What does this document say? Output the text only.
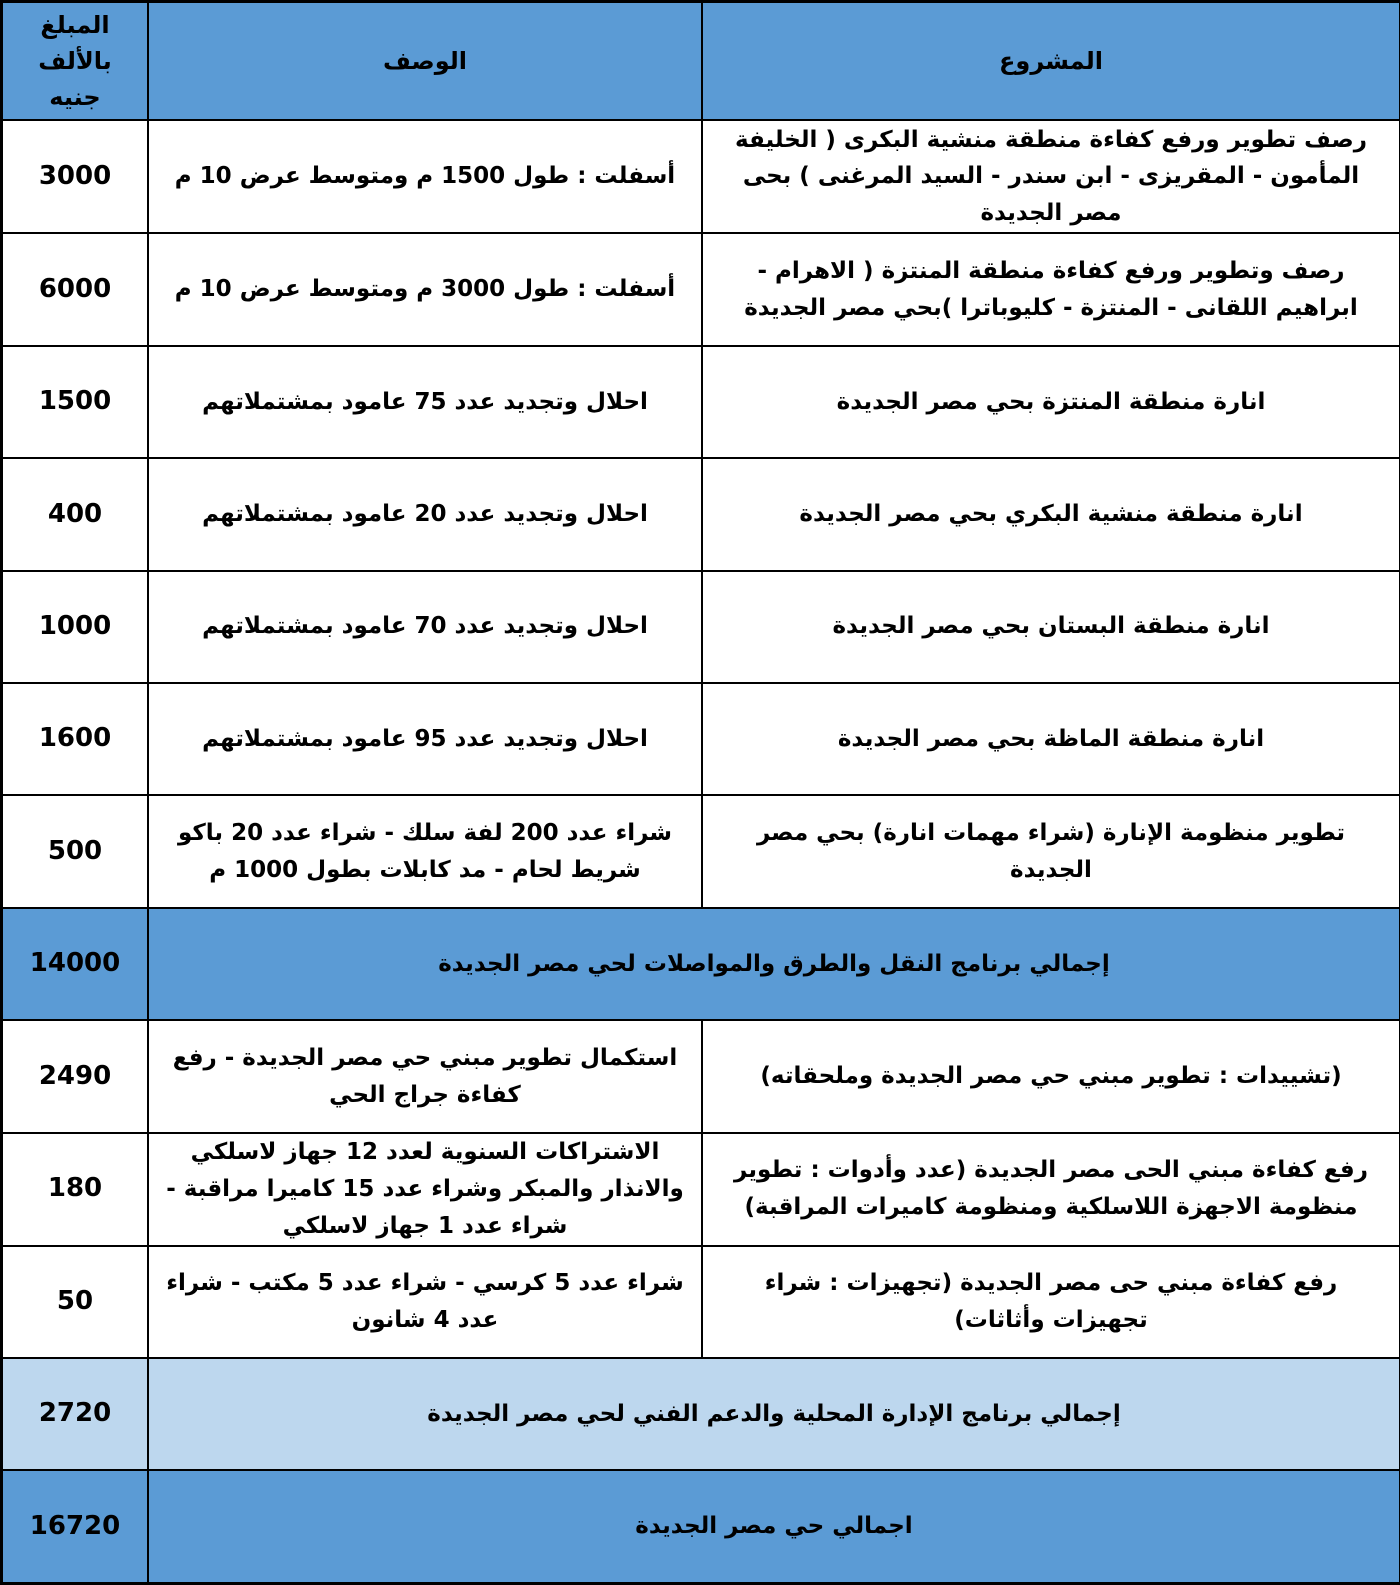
المبلغ بالألف جنيه	الوصف	المشروع
3000	أسفلت : طول 1500 م ومتوسط عرض 10 م	رصف تطوير ورفع كفاءة منطقة منشية البكرى ( الخليفة المأمون - المقريزى - ابن سندر - السيد المرغنى ) بحى مصر الجديدة
6000	أسفلت : طول 3000 م ومتوسط عرض 10 م	رصف وتطوير ورفع كفاءة منطقة المنتزة ( الاهرام - ابراهيم اللقانى - المنتزة - كليوباترا )بحي مصر الجديدة
1500	احلال وتجديد عدد 75 عامود بمشتملاتهم	انارة منطقة المنتزة بحي مصر الجديدة
400	احلال وتجديد عدد 20 عامود بمشتملاتهم	انارة منطقة منشية البكري بحي مصر الجديدة
1000	احلال وتجديد عدد 70 عامود بمشتملاتهم	انارة منطقة البستان بحي مصر الجديدة
1600	احلال وتجديد عدد 95 عامود بمشتملاتهم	انارة منطقة الماظة بحي مصر الجديدة
500	شراء عدد 200 لفة سلك - شراء عدد 20 باكو شريط لحام - مد كابلات بطول 1000 م	تطوير منظومة الإنارة (شراء مهمات انارة) بحي مصر الجديدة
14000	إجمالي برنامج النقل والطرق والمواصلات لحي مصر الجديدة	
2490	استكمال تطوير مبني حي مصر الجديدة - رفع كفاءة جراج الحي	(تشييدات : تطوير مبني حي مصر الجديدة وملحقاته)
180	الاشتراكات السنوية لعدد 12 جهاز لاسلكي والانذار والمبكر وشراء عدد 15 كاميرا مراقبة - شراء عدد 1 جهاز لاسلكي	رفع كفاءة مبني الحى مصر الجديدة (عدد وأدوات : تطوير منظومة الاجهزة اللاسلكية ومنظومة كاميرات المراقبة)
50	شراء عدد 5 كرسي - شراء عدد 5 مكتب - شراء عدد 4 شانون	رفع كفاءة مبني حى مصر الجديدة (تجهيزات : شراء تجهيزات وأثاثات)
2720	إجمالي برنامج الإدارة المحلية والدعم الفني لحي مصر الجديدة	
16720	اجمالي حي مصر الجديدة	
